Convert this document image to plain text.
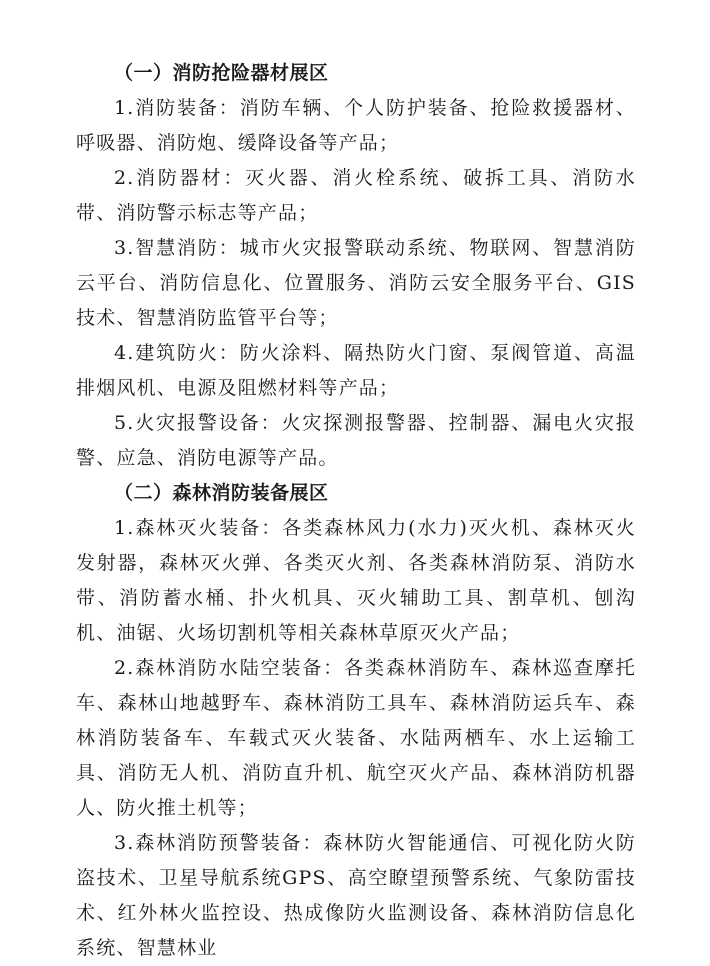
（一）消防抢险器材展区

1.消防装备：消防车辆、个人防护装备、抢险救援器材、呼吸器、消防炮、缓降设备等产品；

2.消防器材：灭火器、消火栓系统、破拆工具、消防水带、消防警示标志等产品；

3.智慧消防：城市火灾报警联动系统、物联网、智慧消防云平台、消防信息化、位置服务、消防云安全服务平台、GIS技术、智慧消防监管平台等；

4.建筑防火：防火涂料、隔热防火门窗、泵阀管道、高温排烟风机、电源及阻燃材料等产品；

5.火灾报警设备：火灾探测报警器、控制器、漏电火灾报警、应急、消防电源等产品。

（二）森林消防装备展区

1.森林灭火装备：各类森林风力(水力)灭火机、森林灭火发射器，森林灭火弹、各类灭火剂、各类森林消防泵、消防水带、消防蓄水桶、扑火机具、灭火辅助工具、割草机、刨沟机、油锯、火场切割机等相关森林草原灭火产品；

2.森林消防水陆空装备：各类森林消防车、森林巡查摩托车、森林山地越野车、森林消防工具车、森林消防运兵车、森林消防装备车、车载式灭火装备、水陆两栖车、水上运输工具、消防无人机、消防直升机、航空灭火产品、森林消防机器人、防火推土机等；

3.森林消防预警装备：森林防火智能通信、可视化防火防盗技术、卫星导航系统GPS、高空瞭望预警系统、气象防雷技术、红外林火监控设、热成像防火监测设备、森林消防信息化系统、智慧林业
